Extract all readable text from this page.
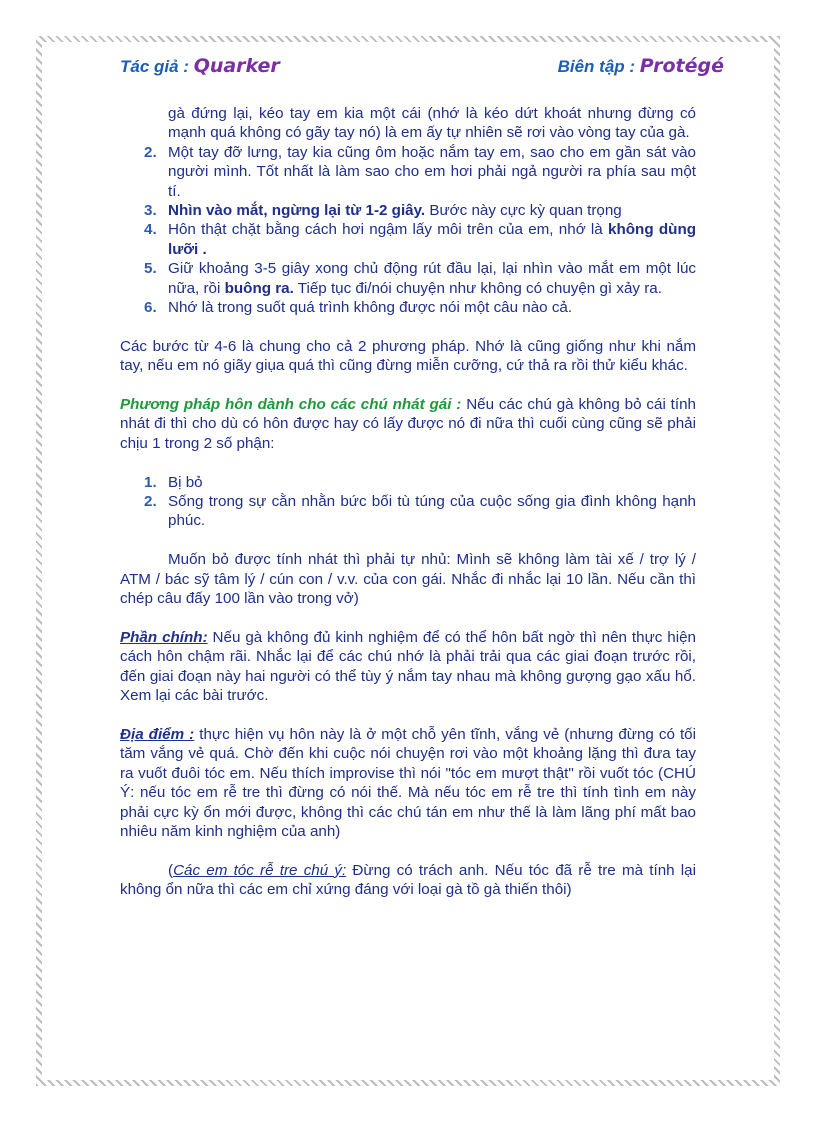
Tác giả : Quarker	Biên tập : Protégé

gà đứng lại, kéo tay em kia một cái (nhớ là kéo dứt khoát nhưng đừng có mạnh quá không có gãy tay nó) là em ấy tự nhiên sẽ rơi vào vòng tay của gà.

2. Một tay đỡ lưng, tay kia cũng ôm hoặc nắm tay em, sao cho em gần sát vào người mình. Tốt nhất là làm sao cho em hơi phải ngả người ra phía sau một tí.
3. Nhìn vào mắt, ngừng lại từ 1-2 giây. Bước này cực kỳ quan trọng
4. Hôn thật chặt bằng cách hơi ngậm lấy môi trên của em, nhớ là không dùng lưỡi .
5. Giữ khoảng 3-5 giây xong chủ động rút đầu lại, lại nhìn vào mắt em một lúc nữa, rồi buông ra. Tiếp tục đi/nói chuyện như không có chuyện gì xảy ra.
6. Nhớ là trong suốt quá trình không được nói một câu nào cả.

Các bước từ 4-6 là chung cho cả 2 phương pháp. Nhớ là cũng giống như khi nắm tay, nếu em nó giãy giụa quá thì cũng đừng miễn cưỡng, cứ thả ra rồi thử kiểu khác.

Phương pháp hôn dành cho các chú nhát gái : Nếu các chú gà không bỏ cái tính nhát đi thì cho dù có hôn được hay có lấy được nó đi nữa thì cuối cùng cũng sẽ phải chịu 1 trong 2 số phận:

1. Bị bỏ
2. Sống trong sự cằn nhằn bức bối tù túng của cuộc sống gia đình không hạnh phúc.

Muốn bỏ được tính nhát thì phải tự nhủ: Mình sẽ không làm tài xế / trợ lý / ATM / bác sỹ tâm lý / cún con / v.v. của con gái. Nhắc đi nhắc lại 10 lần. Nếu cần thì chép câu đấy 100 lần vào trong vở)

Phần chính: Nếu gà không đủ kinh nghiệm để có thể hôn bất ngờ thì nên thực hiện cách hôn chậm rãi. Nhắc lại để các chú nhớ là phải trải qua các giai đoạn trước rồi, đến giai đoạn này hai người có thể tùy ý nắm tay nhau mà không gượng gạo xấu hổ. Xem lại các bài trước.

Địa điểm : thực hiện vụ hôn này là ở một chỗ yên tĩnh, vắng vẻ (nhưng đừng có tối tăm vắng vẻ quá. Chờ đến khi cuộc nói chuyện rơi vào một khoảng lặng thì đưa tay ra vuốt đuôi tóc em. Nếu thích improvise thì nói "tóc em mượt thật" rồi vuốt tóc (CHÚ Ý: nếu tóc em rễ tre thì đừng có nói thế. Mà nếu tóc em rễ tre thì tính tình em này phải cực kỳ ổn mới được, không thì các chú tán em như thế là làm lãng phí mất bao nhiêu năm kinh nghiệm của anh)

(Các em tóc rễ tre chú ý: Đừng có trách anh. Nếu tóc đã rễ tre mà tính lại không ổn nữa thì các em chỉ xứng đáng với loại gà tồ gà thiến thôi)
